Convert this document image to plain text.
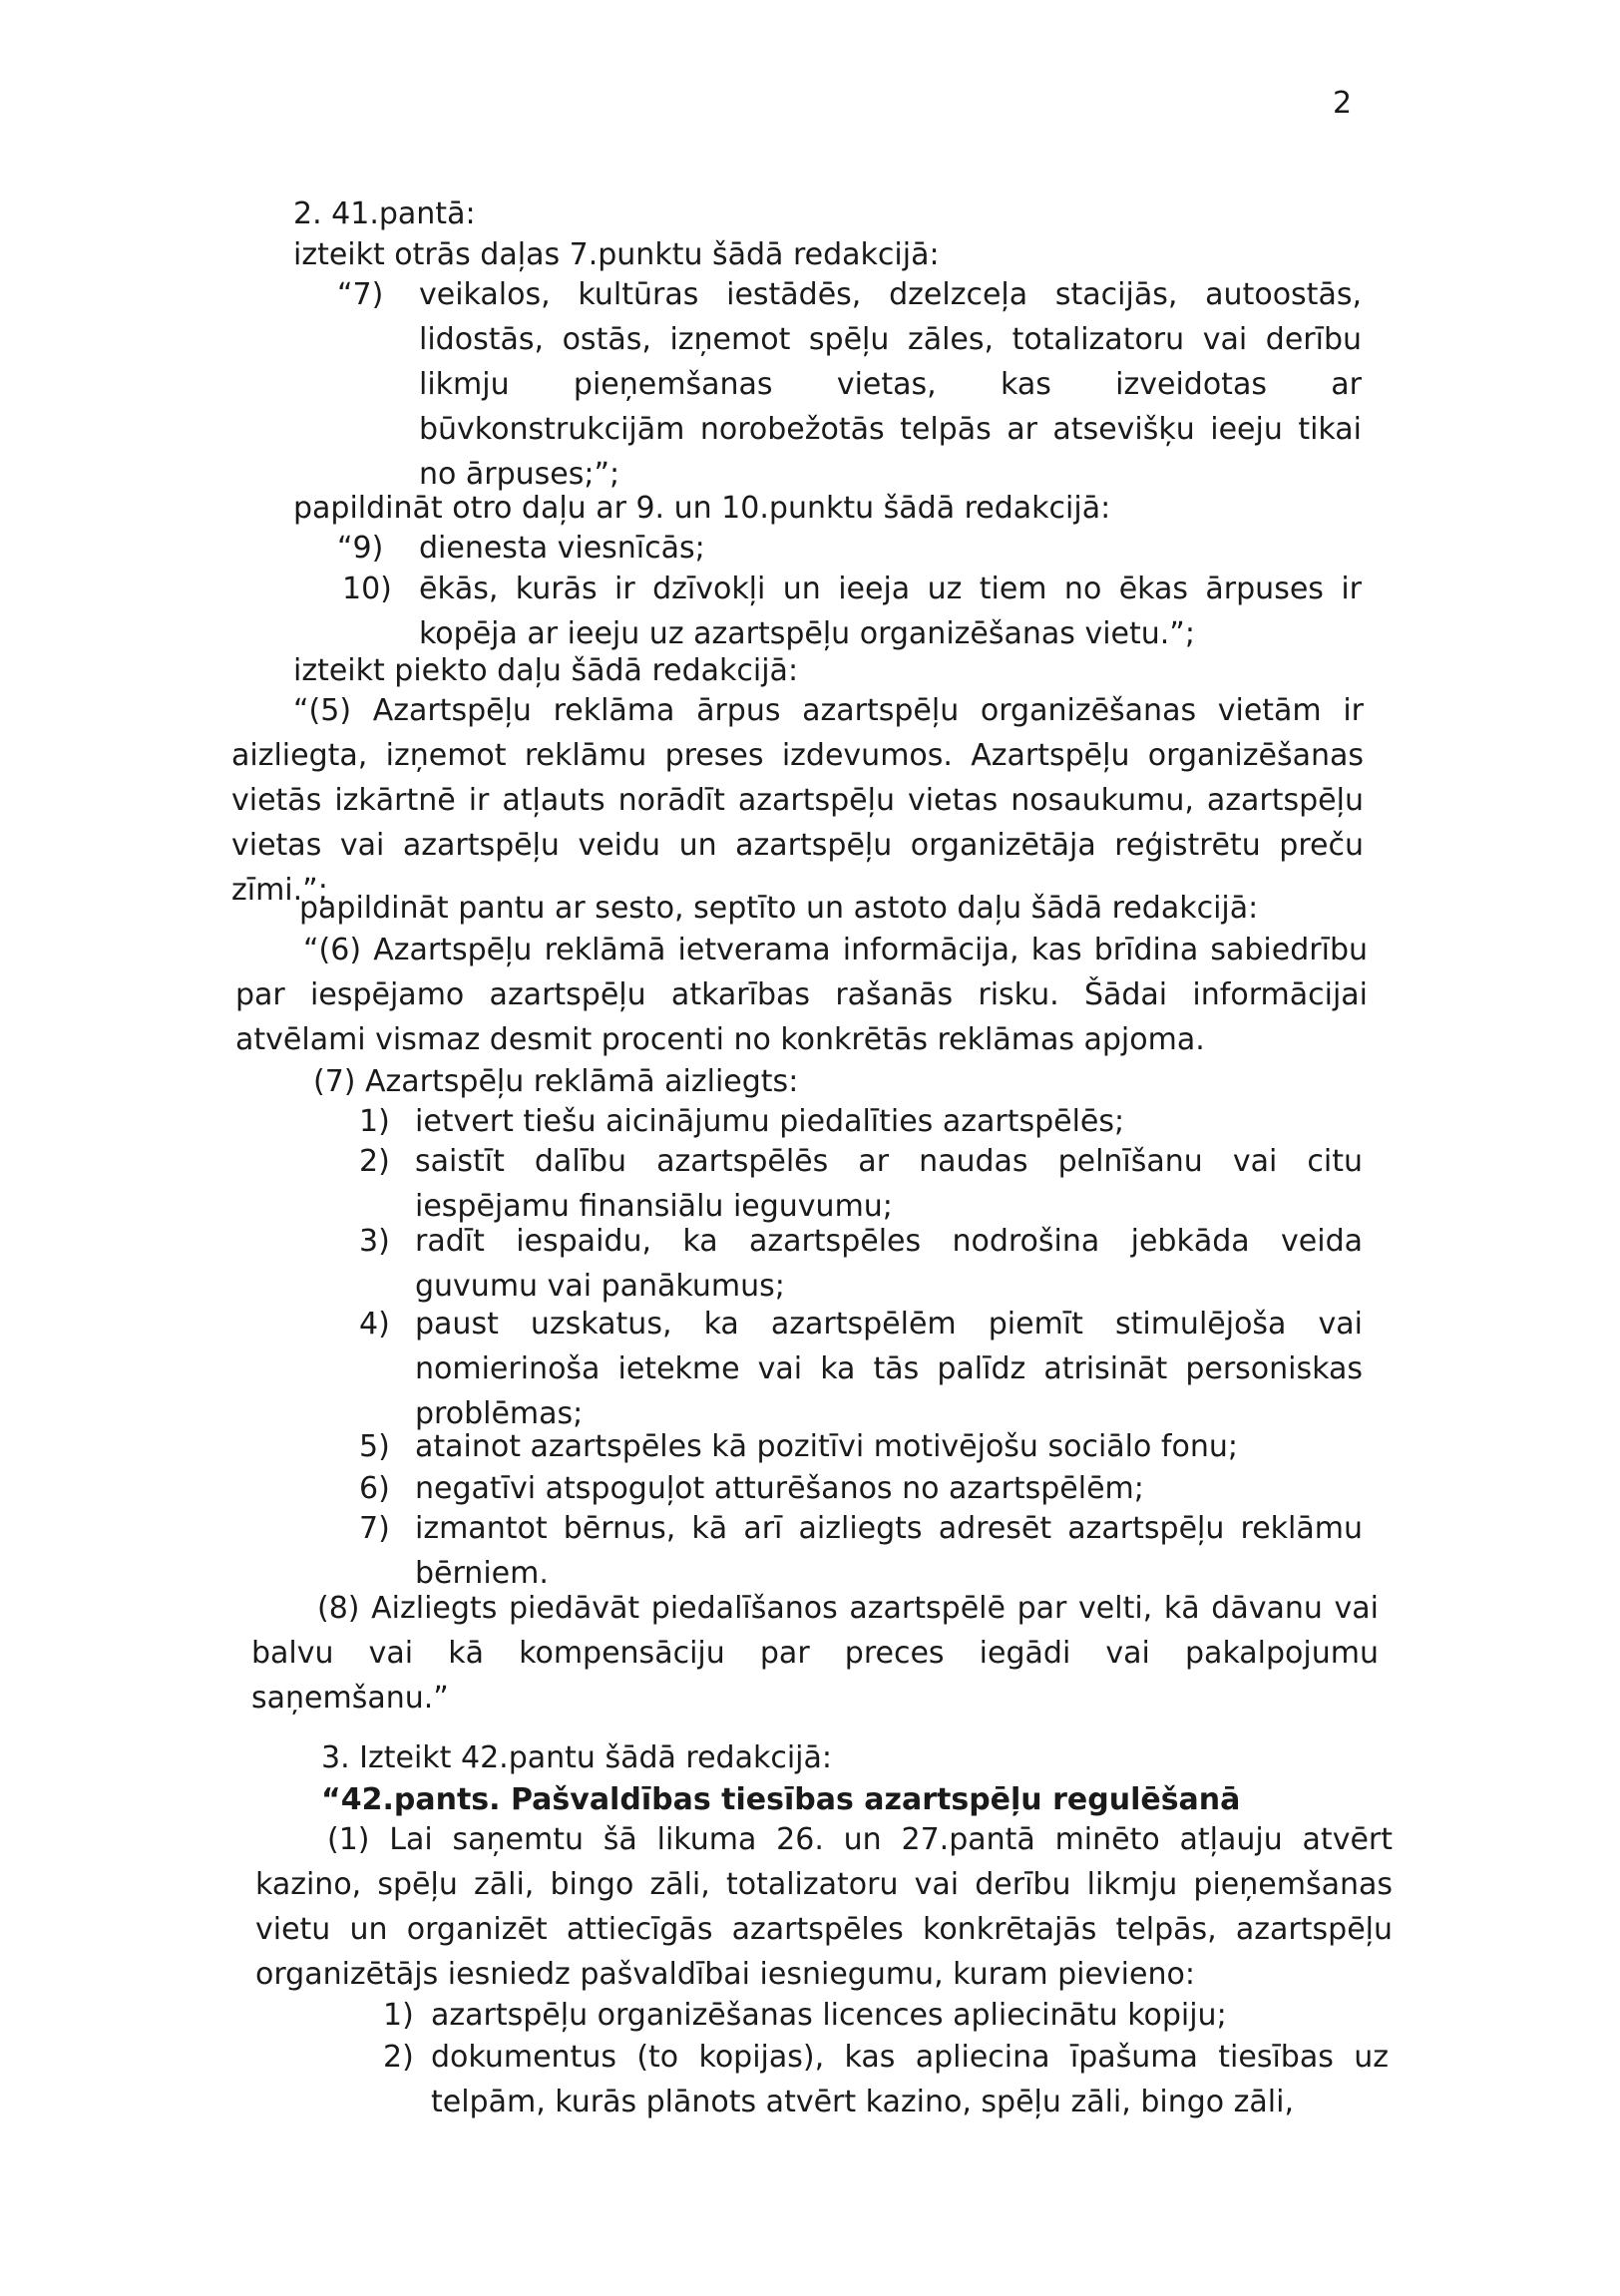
2
2. 41.pantā:
izteikt otrās daļas 7.punktu šādā redakcijā:
“7) veikalos, kultūras iestādēs, dzelzceļa stacijās, autoostās, lidostās, ostās, izņemot spēļu zāles, totalizatoru vai derību likmju pieņemšanas vietas, kas izveidotas ar būvkonstrukcijām norobežotās telpās ar atsevišķu ieeju tikai no ārpuses;”;
papildināt otro daļu ar 9. un 10.punktu šādā redakcijā:
“9) dienesta viesnīcās;
10) ēkās, kurās ir dzīvokļi un ieeja uz tiem no ēkas ārpuses ir kopēja ar ieeju uz azartspēļu organizēšanas vietu.”;
izteikt piekto daļu šādā redakcijā:
“(5) Azartspēļu reklāma ārpus azartspēļu organizēšanas vietām ir aizliegta, izņemot reklāmu preses izdevumos. Azartspēļu organizēšanas vietās izkārtnē ir atļauts norādīt azartspēļu vietas nosaukumu, azartspēļu vietas vai azartspēļu veidu un azartspēļu organizētāja reģistrētu preču zīmi.”;
papildināt pantu ar sesto, septīto un astoto daļu šādā redakcijā:
“(6) Azartspēļu reklāmā ietverama informācija, kas brīdina sabiedrību par iespējamo azartspēļu atkarības rašanās risku. Šādai informācijai atvēlami vismaz desmit procenti no konkrētās reklāmas apjoma.
(7) Azartspēļu reklāmā aizliegts:
1) ietvert tiešu aicinājumu piedalīties azartspēlēs;
2) saistīt dalību azartspēlēs ar naudas pelnīšanu vai citu iespējamu finansiālu ieguvumu;
3) radīt iespaidu, ka azartspēles nodrošina jebkāda veida guvumu vai panākumus;
4) paust uzskatus, ka azartspēlēm piemīt stimulējoša vai nomierinoša ietekme vai ka tās palīdz atrisināt personiskas problēmas;
5) atainot azartspēles kā pozitīvi motivējošu sociālo fonu;
6) negatīvi atspoguļot atturēšanos no azartspēlēm;
7) izmantot bērnus, kā arī aizliegts adresēt azartspēļu reklāmu bērniem.
(8) Aizliegts piedāvāt piedalīšanos azartspēlē par velti, kā dāvanu vai balvu vai kā kompensāciju par preces iegādi vai pakalpojumu saņemšanu.”
3. Izteikt 42.pantu šādā redakcijā:
“42.pants. Pašvaldības tiesības azartspēļu regulēšanā
(1) Lai saņemtu šā likuma 26. un 27.pantā minēto atļauju atvērt kazino, spēļu zāli, bingo zāli, totalizatoru vai derību likmju pieņemšanas vietu un organizēt attiecīgās azartspēles konkrētajās telpās, azartspēļu organizētājs iesniedz pašvaldībai iesniegumu, kuram pievieno:
1) azartspēļu organizēšanas licences apliecinātu kopiju;
2) dokumentus (to kopijas), kas apliecina īpašuma tiesības uz telpām, kurās plānots atvērt kazino, spēļu zāli, bingo zāli,
